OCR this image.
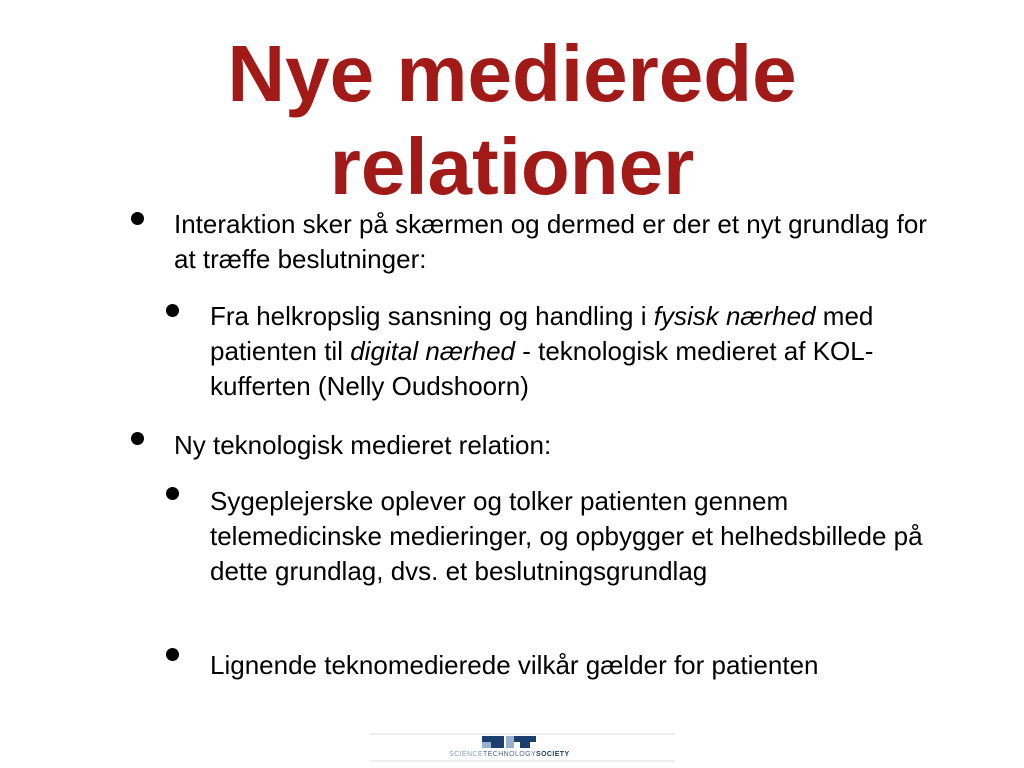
Nye medierede
relationer

Interaktion sker på skærmen og dermed er der et nyt grundlag for at træffe beslutninger:

Fra helkropslig sansning og handling i fysisk nærhed med patienten til digital nærhed - teknologisk medieret af KOL-kufferten (Nelly Oudshoorn)

Ny teknologisk medieret relation:

Sygeplejerske oplever og tolker patienten gennem telemedicinske medieringer, og opbygger et helhedsbillede på dette grundlag, dvs. et beslutningsgrundlag

Lignende teknomedierede vilkår gælder for patienten

SCIENCE TECHNOLOGY SOCIETY
